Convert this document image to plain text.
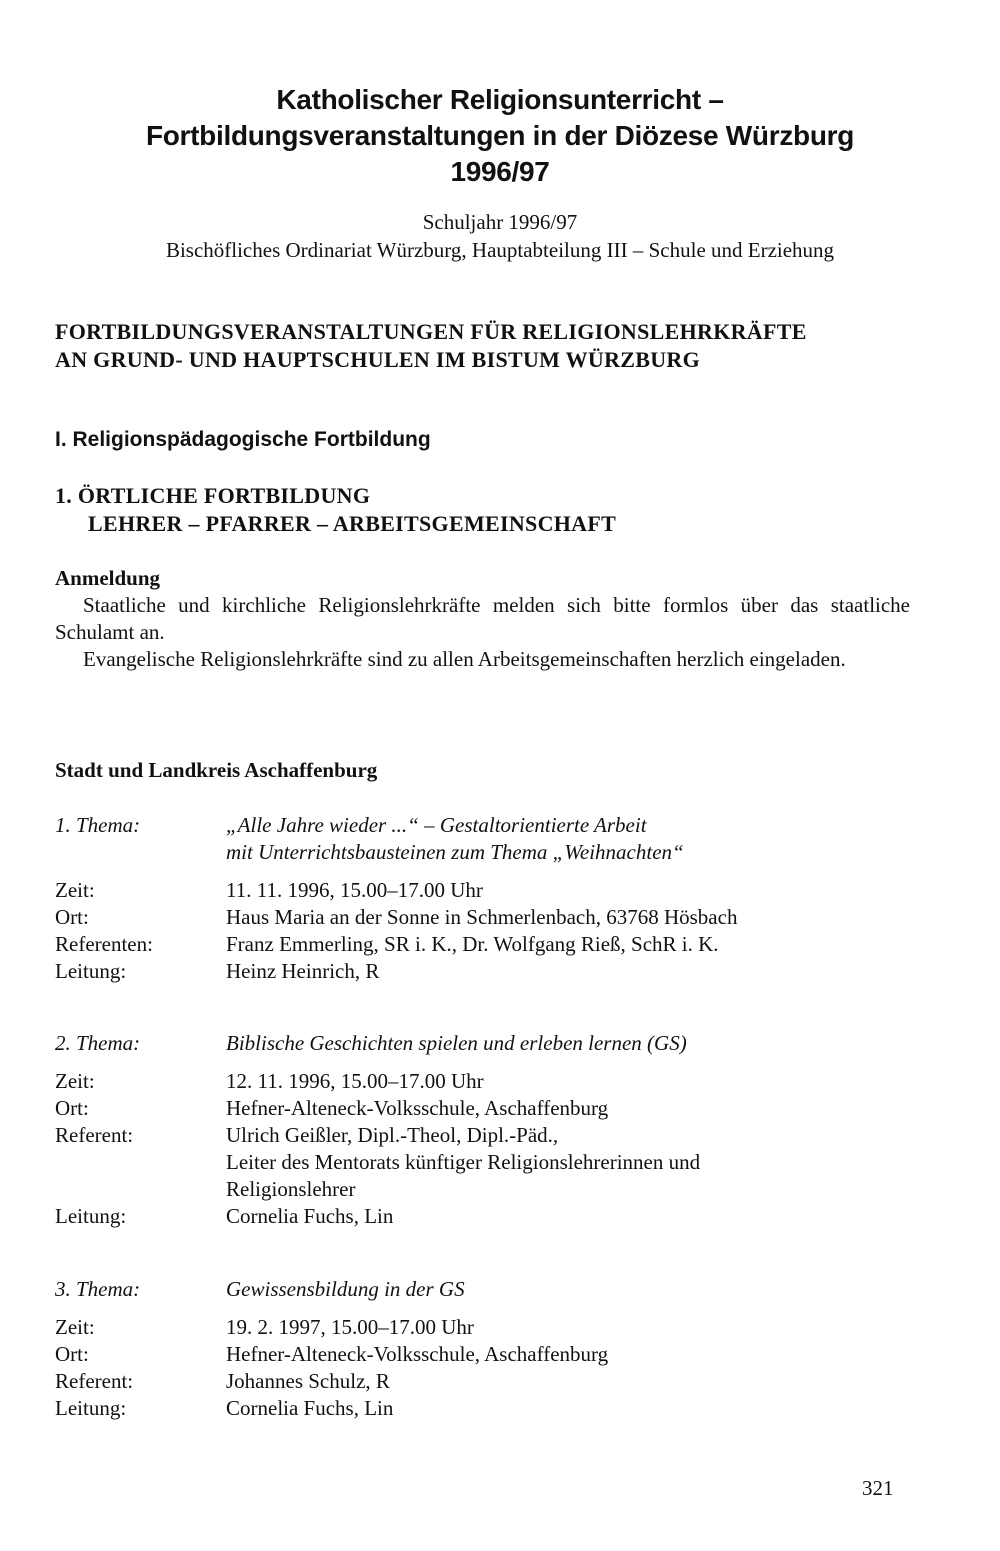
Katholischer Religionsunterricht –
Fortbildungsveranstaltungen in der Diözese Würzburg
1996/97
Schuljahr 1996/97
Bischöfliches Ordinariat Würzburg, Hauptabteilung III – Schule und Erziehung
FORTBILDUNGSVERANSTALTUNGEN FÜR RELIGIONSLEHRKRÄFTE
AN GRUND- UND HAUPTSCHULEN IM BISTUM WÜRZBURG
I. Religionspädagogische Fortbildung
1. ÖRTLICHE FORTBILDUNG
LEHRER – PFARRER – ARBEITSGEMEINSCHAFT
Anmeldung

Staatliche und kirchliche Religionslehrkräfte melden sich bitte formlos über das staatliche Schulamt an.

Evangelische Religionslehrkräfte sind zu allen Arbeitsgemeinschaften herzlich eingeladen.

Stadt und Landkreis Aschaffenburg
1. Thema:	„Alle Jahre wieder ...“ – Gestaltorientierte Arbeit
mit Unterrichtsbausteinen zum Thema „Weihnachten“
Zeit:	11. 11. 1996, 15.00–17.00 Uhr
Ort:	Haus Maria an der Sonne in Schmerlenbach, 63768 Hösbach
Referenten:	Franz Emmerling, SR i. K., Dr. Wolfgang Rieß, SchR i. K.
Leitung:	Heinz Heinrich, R
2. Thema:	Biblische Geschichten spielen und erleben lernen (GS)
Zeit:	12. 11. 1996, 15.00–17.00 Uhr
Ort:	Hefner-Alteneck-Volksschule, Aschaffenburg
Referent:	Ulrich Geißler, Dipl.-Theol, Dipl.-Päd.,
Leiter des Mentorats künftiger Religionslehrerinnen und
Religionslehrer
Leitung:	Cornelia Fuchs, Lin
3. Thema:	Gewissensbildung in der GS
Zeit:	19. 2. 1997, 15.00–17.00 Uhr
Ort:	Hefner-Alteneck-Volksschule, Aschaffenburg
Referent:	Johannes Schulz, R
Leitung:	Cornelia Fuchs, Lin
321
